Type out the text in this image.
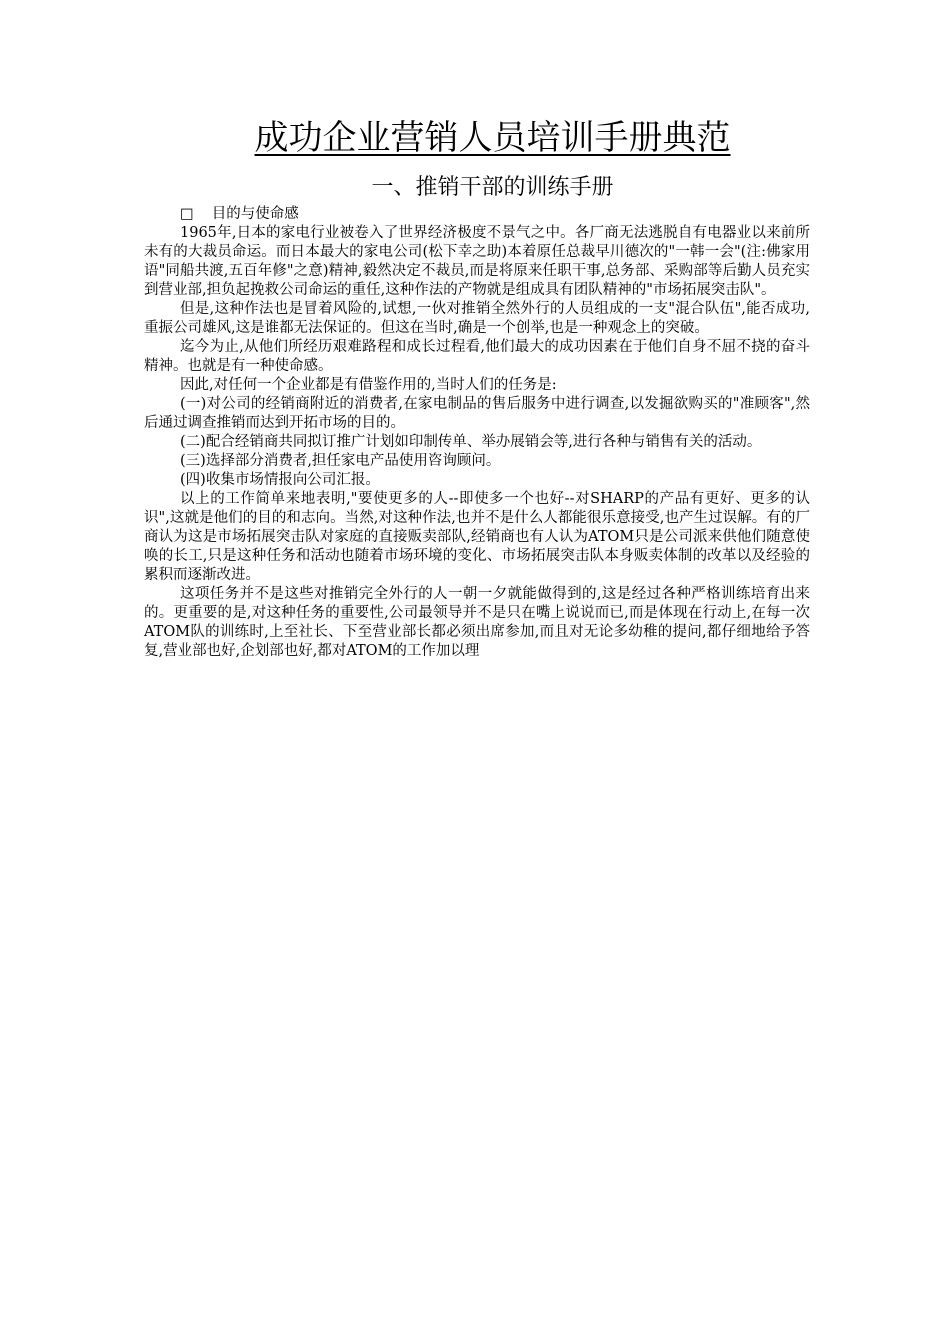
成功企业营销人员培训手册典范
一、推销干部的训练手册

□ 目的与使命感

1965年,日本的家电行业被卷入了世界经济极度不景气之中。各厂商无法逃脱自有电器业以来前所未有的大裁员命运。而日本最大的家电公司(松下幸之助)本着原任总裁早川德次的"一韩一会"(注:佛家用语"同船共渡,五百年修"之意)精神,毅然决定不裁员,而是将原来任职干事,总务部、采购部等后勤人员充实到营业部,担负起挽救公司命运的重任,这种作法的产物就是组成具有团队精神的"市场拓展突击队"。

但是,这种作法也是冒着风险的,试想,一伙对推销全然外行的人员组成的一支"混合队伍",能否成功,重振公司雄风,这是谁都无法保证的。但这在当时,确是一个创举,也是一种观念上的突破。

迄今为止,从他们所经历艰难路程和成长过程看,他们最大的成功因素在于他们自身不屈不挠的奋斗精神。也就是有一种使命感。

因此,对任何一个企业都是有借鉴作用的,当时人们的任务是:

(一)对公司的经销商附近的消费者,在家电制品的售后服务中进行调查,以发掘欲购买的"准顾客",然后通过调查推销而达到开拓市场的目的。

(二)配合经销商共同拟订推广计划如印制传单、举办展销会等,进行各种与销售有关的活动。

(三)选择部分消费者,担任家电产品使用咨询顾问。

(四)收集市场情报向公司汇报。

以上的工作简单来地表明,"要使更多的人--即使多一个也好--对SHARP的产品有更好、更多的认识",这就是他们的目的和志向。当然,对这种作法,也并不是什么人都能很乐意接受,也产生过误解。有的厂商认为这是市场拓展突击队对家庭的直接贩卖部队,经销商也有人认为ATOM只是公司派来供他们随意使唤的长工,只是这种任务和活动也随着市场环境的变化、市场拓展突击队本身贩卖体制的改革以及经验的累积而逐渐改进。

这项任务并不是这些对推销完全外行的人一朝一夕就能做得到的,这是经过各种严格训练培育出来的。更重要的是,对这种任务的重要性,公司最领导并不是只在嘴上说说而已,而是体现在行动上,在每一次ATOM队的训练时,上至社长、下至营业部长都必须出席参加,而且对无论多幼稚的提问,都仔细地给予答复,营业部也好,企划部也好,都对ATOM的工作加以理
